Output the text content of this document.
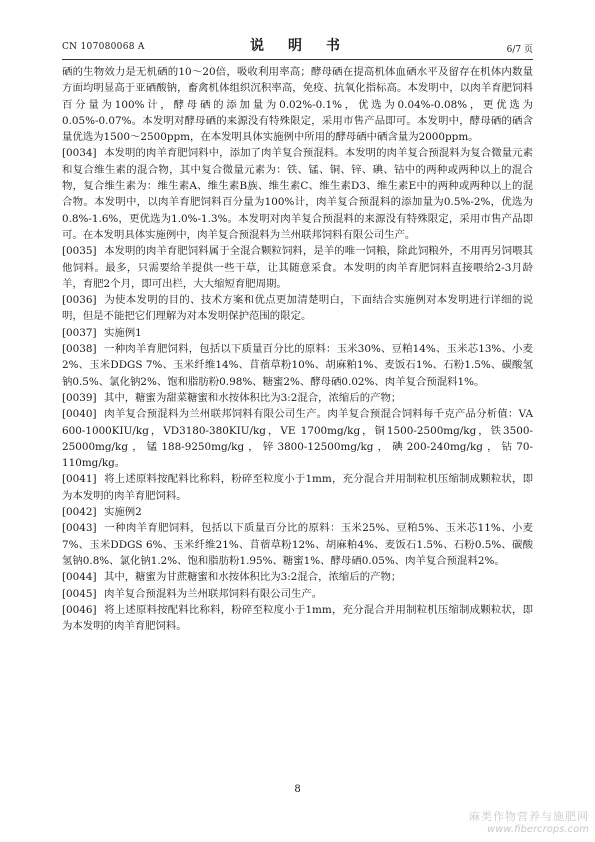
CN 107080068 A	说　明　书	6/7 页

硒的生物效力是无机硒的10～20倍，吸收利用率高；酵母硒在提高机体血硒水平及留存在机体内数量方面均明显高于亚硒酸钠，畜禽机体组织沉积率高，免疫、抗氧化指标高。本发明中，以肉羊育肥饲料百分量为100%计，酵母硒的添加量为0.02%-0.1%，优选为0.04%-0.08%，更优选为0.05%-0.07%。本发明对酵母硒的来源没有特殊限定，采用市售产品即可。本发明中，酵母硒的硒含量优选为1500～2500ppm，在本发明具体实施例中所用的酵母硒中硒含量为2000ppm。

[0034] 本发明的肉羊育肥饲料中，添加了肉羊复合预混料。本发明的肉羊复合预混料为复合微量元素和复合维生素的混合物，其中复合微量元素为：铁、锰、铜、锌、碘、钴中的两种或两种以上的混合物，复合维生素为：维生素A、维生素B族、维生素C、维生素D3、维生素E中的两种或两种以上的混合物。本发明中，以肉羊育肥饲料百分量为100%计，肉羊复合预混料的添加量为0.5%-2%，优选为0.8%-1.6%，更优选为1.0%-1.3%。本发明对肉羊复合预混料的来源没有特殊限定，采用市售产品即可。在本发明具体实施例中，肉羊复合预混料为兰州联邦饲料有限公司生产。

[0035] 本发明的肉羊育肥饲料属于全混合颗粒饲料，是羊的唯一饲粮，除此饲粮外，不用再另饲喂其他饲料。最多，只需要给羊提供一些干草，让其随意采食。本发明的肉羊育肥饲料直接喂给2-3月龄羊，育肥2个月，即可出栏，大大缩短育肥周期。

[0036] 为使本发明的目的、技术方案和优点更加清楚明白，下面结合实施例对本发明进行详细的说明，但是不能把它们理解为对本发明保护范围的限定。

[0037] 实施例1

[0038] 一种肉羊育肥饲料，包括以下质量百分比的原料：玉米30%、豆粕14%、玉米芯13%、小麦2%、玉米DDGS 7%、玉米纤维14%、苜蓿草粉10%、胡麻粕1%、麦饭石1%、石粉1.5%、碳酸氢钠0.5%、氯化钠2%、饱和脂肪粉0.98%、糖蜜2%、酵母硒0.02%、肉羊复合预混料1%。

[0039] 其中，糖蜜为甜菜糖蜜和水按体积比为3:2混合，浓缩后的产物；

[0040] 肉羊复合预混料为兰州联邦饲料有限公司生产。肉羊复合预混合饲料每千克产品分析值：VA 600-1000KIU/kg，VD3180-380KIU/kg，VE 1700mg/kg，铜1500-2500mg/kg，铁3500-25000mg/kg，锰188-9250mg/kg，锌3800-12500mg/kg，碘200-240mg/kg，钴70-110mg/kg。

[0041] 将上述原料按配料比称料，粉碎至粒度小于1mm，充分混合并用制粒机压缩制成颗粒状，即为本发明的肉羊育肥饲料。

[0042] 实施例2

[0043] 一种肉羊育肥饲料，包括以下质量百分比的原料：玉米25%、豆粕5%、玉米芯11%、小麦7%、玉米DDGS 6%、玉米纤维21%、苜蓿草粉12%、胡麻粕4%、麦饭石1.5%、石粉0.5%、碳酸氢钠0.8%、氯化钠1.2%、饱和脂肪粉1.95%、糖蜜1%、酵母硒0.05%、肉羊复合预混料2%。

[0044] 其中，糖蜜为甘蔗糖蜜和水按体积比为3:2混合，浓缩后的产物；

[0045] 肉羊复合预混料为兰州联邦饲料有限公司生产。

[0046] 将上述原料按配料比称料，粉碎至粒度小于1mm，充分混合并用制粒机压缩制成颗粒状，即为本发明的肉羊育肥饲料。

8
麻类作物营养与施肥网
www.fibercrops.com
